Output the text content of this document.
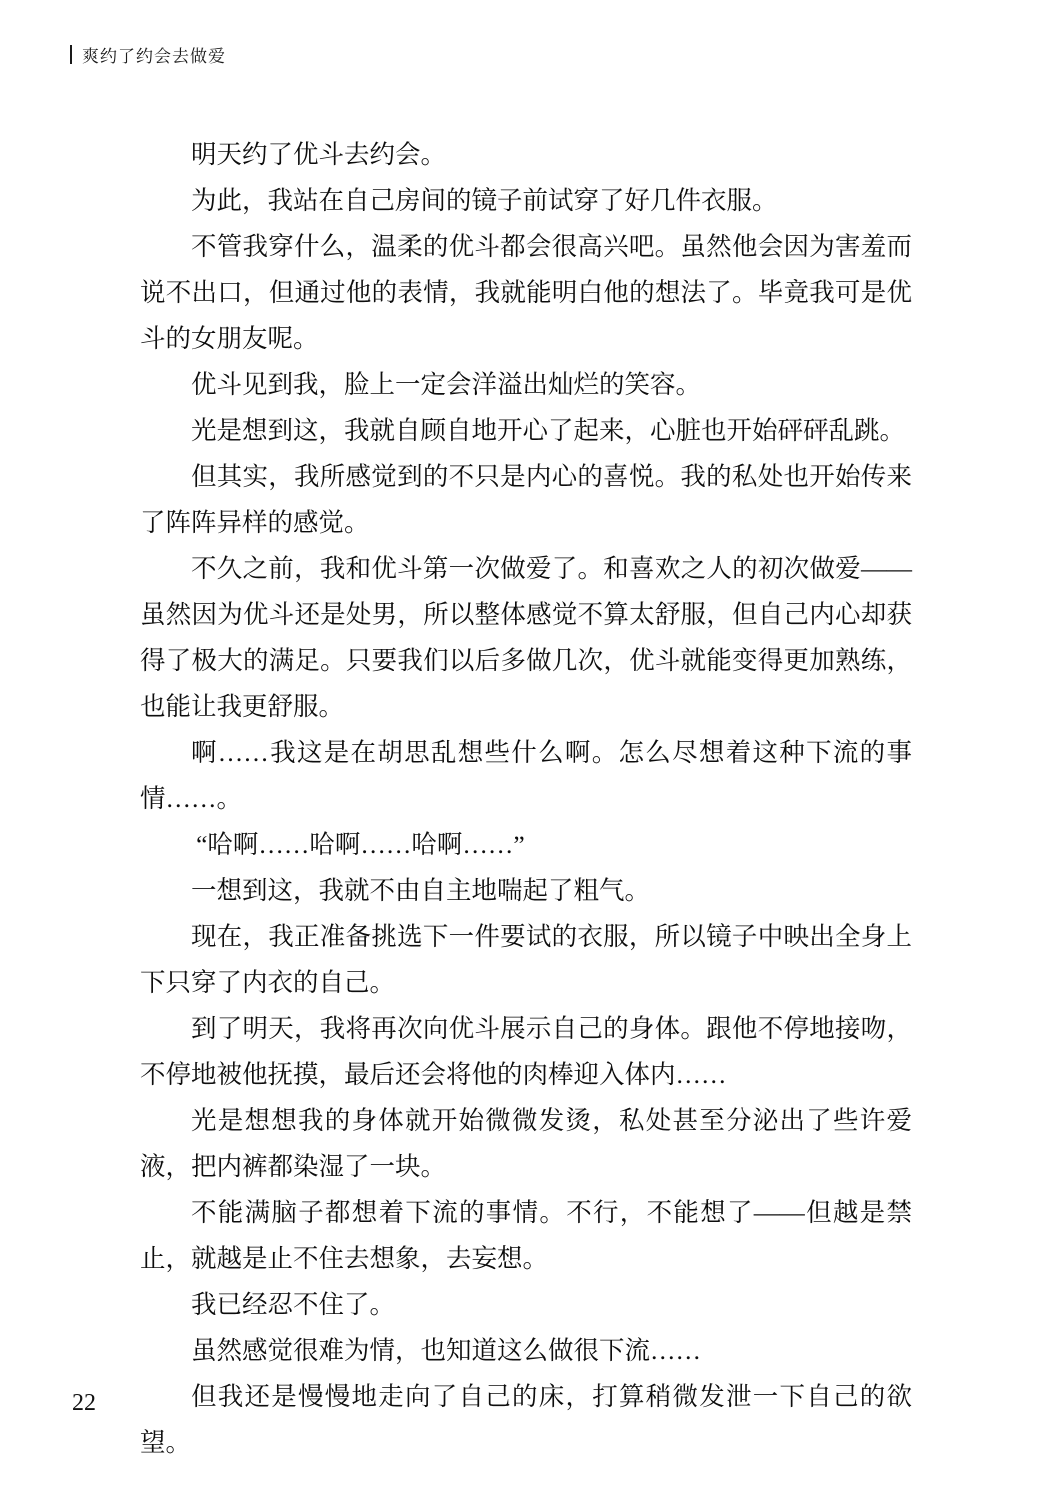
爽约了约会去做爱

明天约了优斗去约会。

为此，我站在自己房间的镜子前试穿了好几件衣服。

不管我穿什么，温柔的优斗都会很高兴吧。虽然他会因为害羞而说不出口，但通过他的表情，我就能明白他的想法了。毕竟我可是优斗的女朋友呢。

优斗见到我，脸上一定会洋溢出灿烂的笑容。

光是想到这，我就自顾自地开心了起来，心脏也开始砰砰乱跳。

但其实，我所感觉到的不只是内心的喜悦。我的私处也开始传来了阵阵异样的感觉。

不久之前，我和优斗第一次做爱了。和喜欢之人的初次做爱——虽然因为优斗还是处男，所以整体感觉不算太舒服，但自己内心却获得了极大的满足。只要我们以后多做几次，优斗就能变得更加熟练，也能让我更舒服。

啊……我这是在胡思乱想些什么啊。怎么尽想着这种下流的事情……。

“哈啊……哈啊……哈啊……”

一想到这，我就不由自主地喘起了粗气。

现在，我正准备挑选下一件要试的衣服，所以镜子中映出全身上下只穿了内衣的自己。

到了明天，我将再次向优斗展示自己的身体。跟他不停地接吻，不停地被他抚摸，最后还会将他的肉棒迎入体内……

光是想想我的身体就开始微微发烫，私处甚至分泌出了些许爱液，把内裤都染湿了一块。

不能满脑子都想着下流的事情。不行，不能想了——但越是禁止，就越是止不住去想象，去妄想。

我已经忍不住了。

虽然感觉很难为情，也知道这么做很下流……

但我还是慢慢地走向了自己的床，打算稍微发泄一下自己的欲望。

22
